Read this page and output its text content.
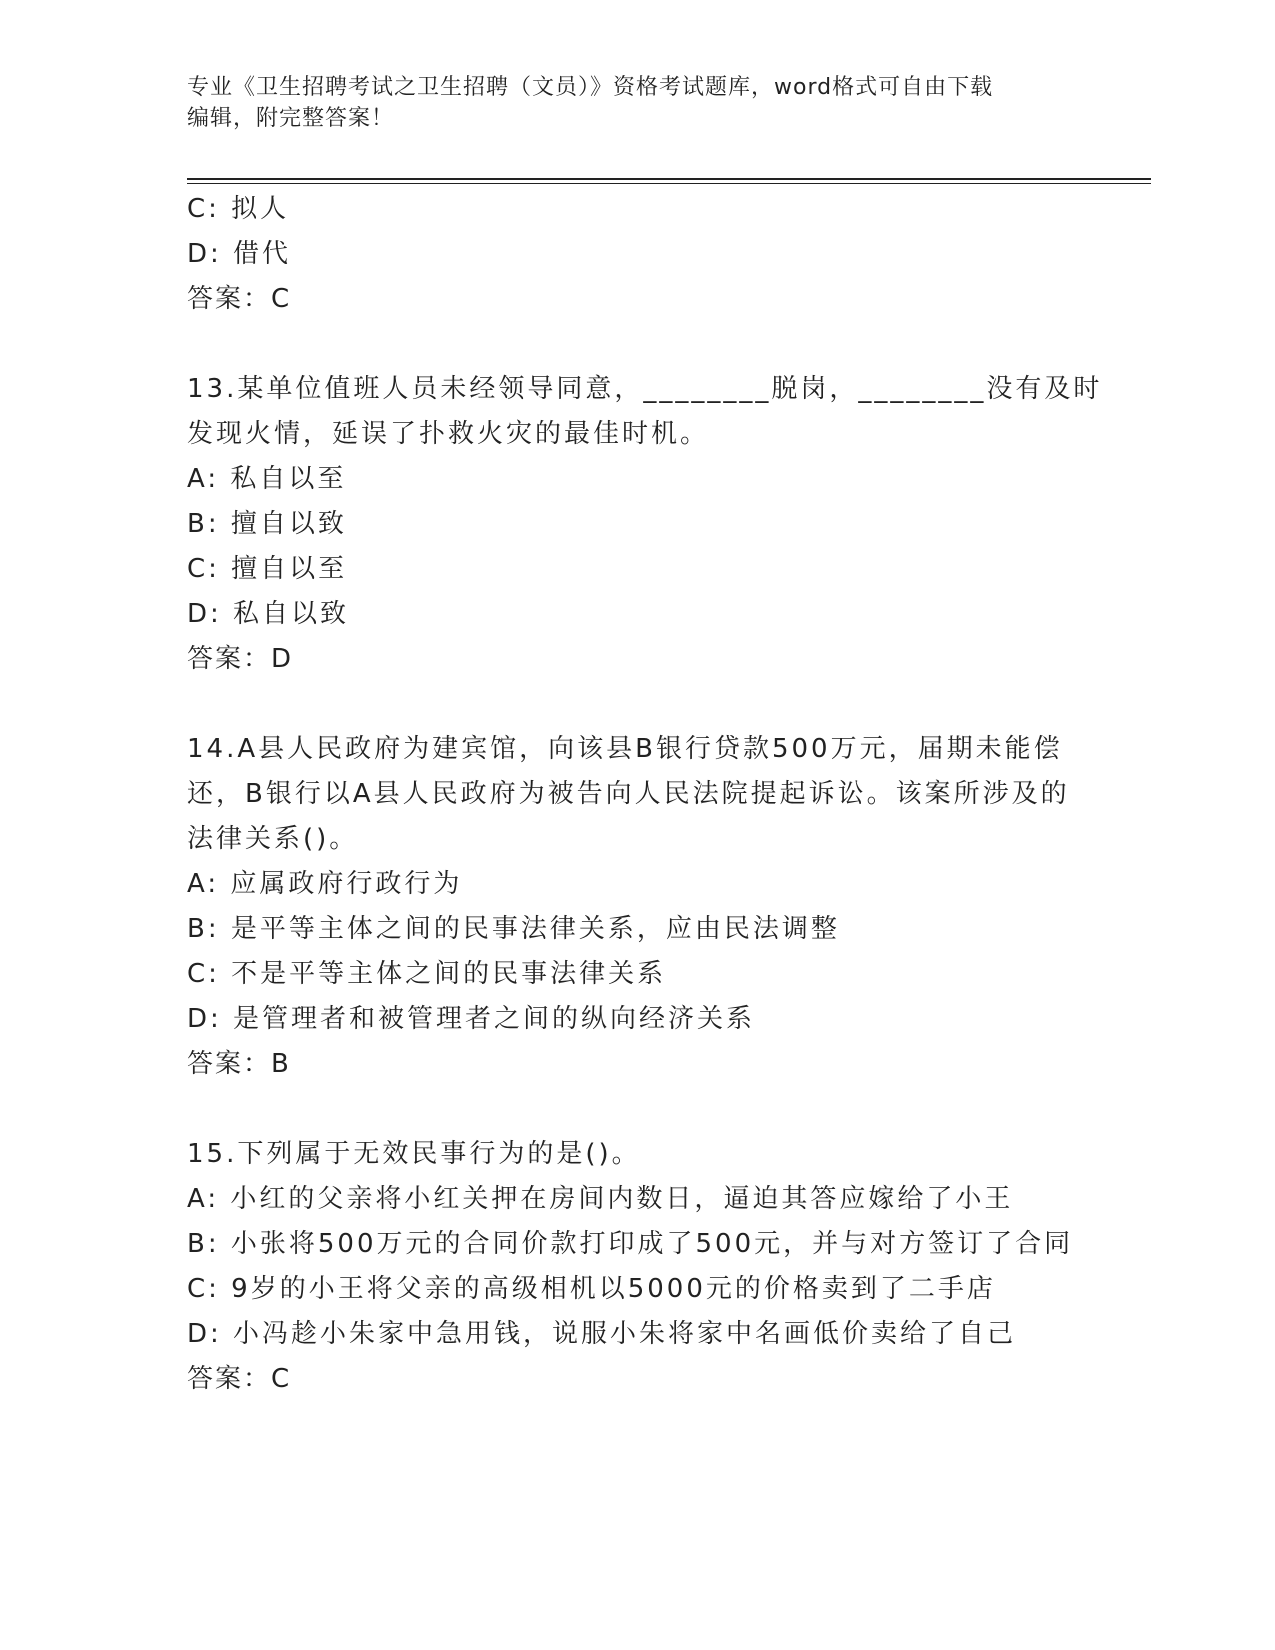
专业《卫生招聘考试之卫生招聘（文员）》资格考试题库，word格式可自由下载
编辑，附完整答案！
C: 拟人
D: 借代
答案：C
13.某单位值班人员未经领导同意，________脱岗，________没有及时
发现火情，延误了扑救火灾的最佳时机。
A: 私自以至
B: 擅自以致
C: 擅自以至
D: 私自以致
答案：D
14.A县人民政府为建宾馆，向该县B银行贷款500万元，届期未能偿
还，B银行以A县人民政府为被告向人民法院提起诉讼。该案所涉及的
法律关系()。
A: 应属政府行政行为
B: 是平等主体之间的民事法律关系，应由民法调整
C: 不是平等主体之间的民事法律关系
D: 是管理者和被管理者之间的纵向经济关系
答案：B
15.下列属于无效民事行为的是()。
A: 小红的父亲将小红关押在房间内数日，逼迫其答应嫁给了小王
B: 小张将500万元的合同价款打印成了500元，并与对方签订了合同
C: 9岁的小王将父亲的高级相机以5000元的价格卖到了二手店
D: 小冯趁小朱家中急用钱，说服小朱将家中名画低价卖给了自己
答案：C
